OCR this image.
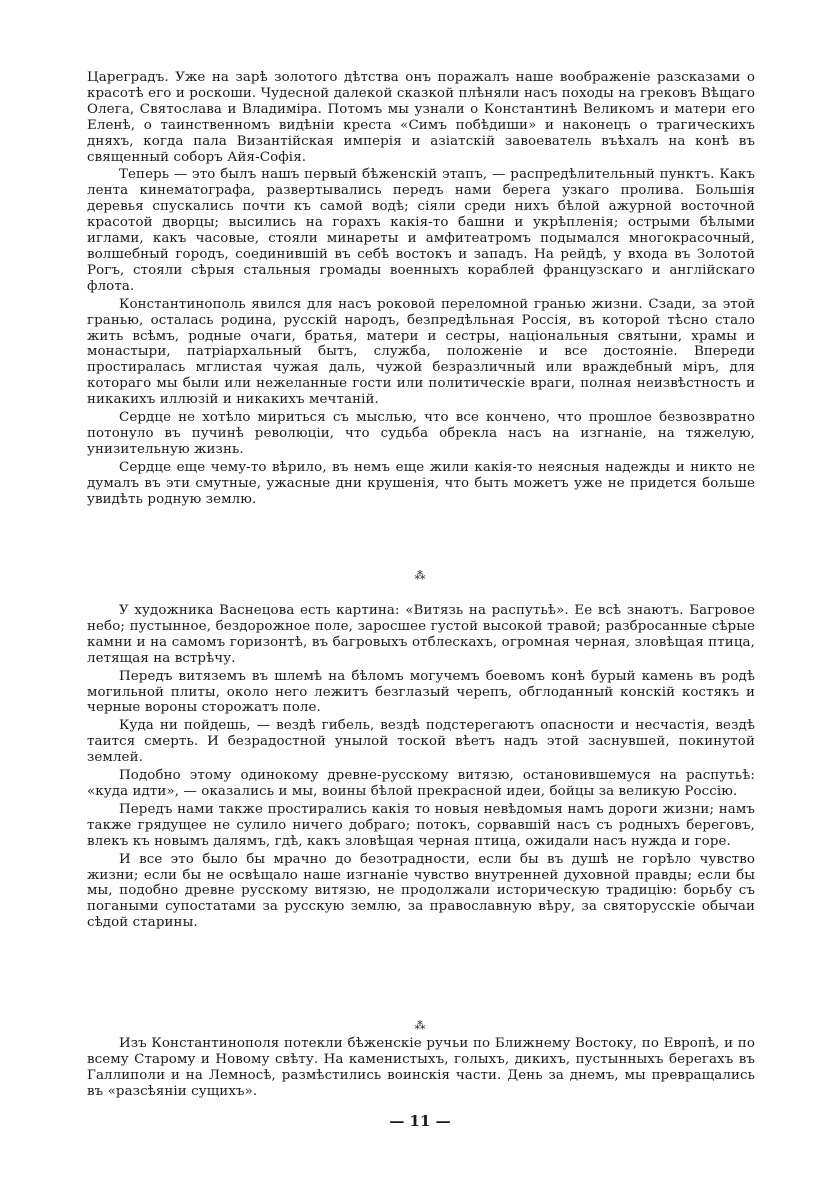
Цареградъ. Уже на зарѣ золотого дѣтства онъ поражалъ наше воображеніе разсказами о красотѣ его и роскоши. Чудесной далекой сказкой плѣняли насъ походы на грековъ Вѣщаго Олега, Святослава и Владиміра. Потомъ мы узнали о Константинѣ Великомъ и матери его Еленѣ, о таинственномъ видѣніи креста «Симъ побѣдиши» и наконецъ о трагическихъ дняхъ, когда пала Византійская имперія и азіатскій завоеватель въѣхалъ на конѣ въ священный соборъ Айя-Софія.

Теперь — это былъ нашъ первый бѣженскій этапъ, — распредѣлительный пунктъ. Какъ лента кинематографа, развертывались передъ нами берега узкаго пролива. Большія деревья спускались почти къ самой водѣ; сіяли среди нихъ бѣлой ажурной восточной красотой дворцы; высились на горахъ какія-то башни и укрѣпленія; острыми бѣлыми иглами, какъ часовые, стояли минареты и амфитеатромъ подымался многокрасочный, волшебный городъ, соединившій въ себѣ востокъ и западъ. На рейдѣ, у входа въ Золотой Рогъ, стояли сѣрыя стальныя громады военныхъ кораблей французскаго и англійскаго флота.

Константинополь явился для насъ роковой переломной гранью жизни. Сзади, за этой гранью, осталась родина, русскій народъ, безпредѣльная Россія, въ которой тѣсно стало жить всѣмъ, родные очаги, братья, матери и сестры, національныя святыни, храмы и монастыри, патріархальный бытъ, служба, положеніе и все достояніе. Впереди простиралась мглистая чужая даль, чужой безразличный или враждебный міръ, для котораго мы были или нежеланные гости или политическіе враги, полная неизвѣстность и никакихъ иллюзій и никакихъ мечтаній.

Сердце не хотѣло мириться съ мыслью, что все кончено, что прошлое безвозвратно потонуло въ пучинѣ революціи, что судьба обрекла насъ на изгнаніе, на тяжелую, унизительную жизнь.

Сердце еще чему-то вѣрило, въ немъ еще жили какія-то неясныя надежды и никто не думалъ въ эти смутные, ужасные дни крушенія, что быть можетъ уже не придется больше увидѣть родную землю.

⁂

У художника Васнецова есть картина: «Витязь на распутьѣ». Ее всѣ знаютъ. Багровое небо; пустынное, бездорожное поле, заросшее густой высокой травой; разбросанные сѣрые камни и на самомъ горизонтѣ, въ багровыхъ отблескахъ, огромная черная, зловѣщая птица, летящая на встрѣчу.

Передъ витяземъ въ шлемѣ на бѣломъ могучемъ боевомъ конѣ бурый камень въ родѣ могильной плиты, около него лежитъ безглазый черепъ, обглоданный конскій костякъ и черные вороны сторожатъ поле.

Куда ни пойдешь, — вездѣ гибель, вездѣ подстерегаютъ опасности и несчастія, вездѣ таится смерть. И безрадостной унылой тоской вѣетъ надъ этой заснувшей, покинутой землей.

Подобно этому одинокому древне-русскому витязю, остановившемуся на распутьѣ: «куда идти», — оказались и мы, воины бѣлой прекрасной идеи, бойцы за великую Россію.

Передъ нами также простирались какія то новыя невѣдомыя намъ дороги жизни; намъ также грядущее не сулило ничего добраго; потокъ, сорвавшій насъ съ родныхъ береговъ, влекъ къ новымъ далямъ, гдѣ, какъ зловѣщая черная птица, ожидали насъ нужда и горе.

И все это было бы мрачно до безотрадности, если бы въ душѣ не горѣло чувство жизни; если бы не освѣщало наше изгнаніе чувство внутренней духовной правды; если бы мы, подобно древне русскому витязю, не продолжали историческую традицію: борьбу съ погаными супостатами за русскую землю, за православную вѣру, за святорусскіе обычаи сѣдой старины.

⁂

Изъ Константинополя потекли бѣженскіе ручьи по Ближнему Востоку, по Европѣ, и по всему Старому и Новому свѣту. На каменистыхъ, голыхъ, дикихъ, пустынныхъ берегахъ въ Галлиполи и на Лемносѣ, размѣстились воинскія части. День за днемъ, мы превращались въ «разсѣяніи сущихъ».

— 11 —
